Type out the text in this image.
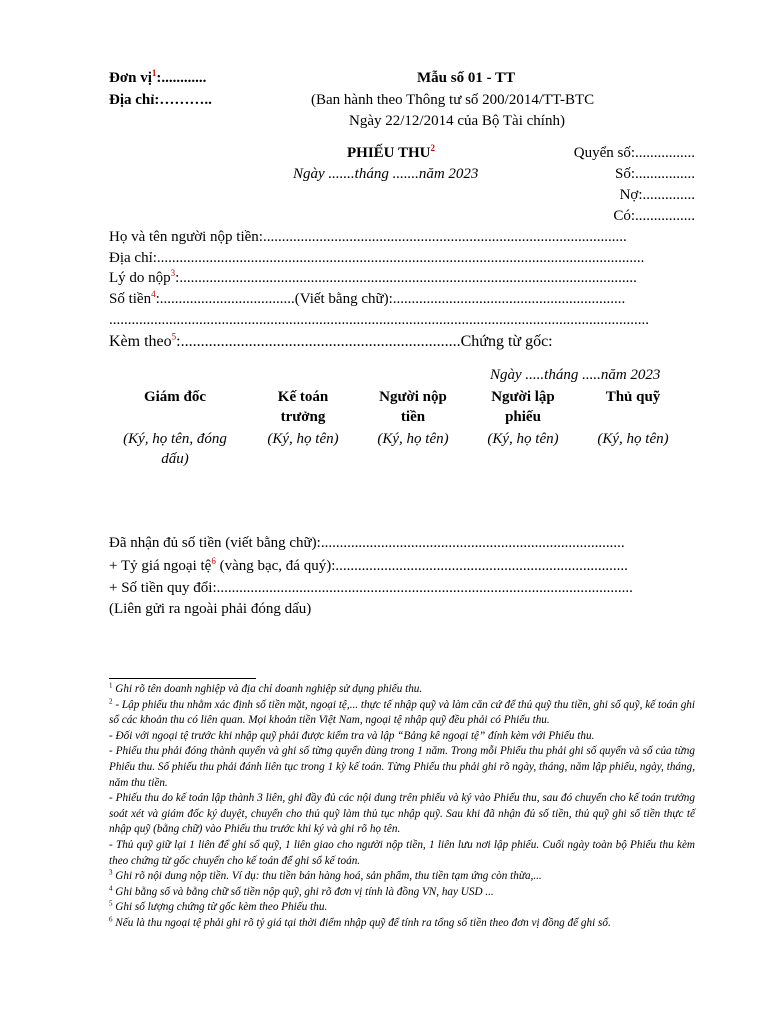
Đơn vị$^1$:............
Địa chỉ:………..
Mẫu số 01 - TT
(Ban hành theo Thông tư số 200/2014/TT-BTC
Ngày 22/12/2014 của Bộ Tài chính)
PHIẾU THU$^2$
Ngày .......tháng .......năm 2023
Quyển số:................
Số:................
Nợ:..............
Có:................
Họ và tên người nộp tiền:.................................................................................................
Địa chỉ:..................................................................................................................................
Lý do nộp$^3$:..........................................................................................................................
Số tiền$^4$:....................................(Viết bằng chữ):..............................................................
................................................................................................................................................
Kèm theo$^5$:......................................................................Chứng từ gốc:
Ngày .....tháng .....năm 2023
Giám đốc
(Ký, họ tên, đóng dấu)
Kế toán trưởng
(Ký, họ tên)
Người nộp tiền
(Ký, họ tên)
Người lập phiếu
(Ký, họ tên)
Thủ quỹ
(Ký, họ tên)
Đã nhận đủ số tiền (viết bằng chữ):.................................................................................
+ Tỷ giá ngoại tệ$^6$ (vàng bạc, đá quý):..............................................................................
+ Số tiền quy đổi:...............................................................................................................
(Liên gửi ra ngoài phải đóng dấu)
$^1$ Ghi rõ tên doanh nghiệp và địa chỉ doanh nghiệp sử dụng phiếu thu.
$^2$ - Lập phiếu thu nhằm xác định số tiền mặt, ngoại tệ,... thực tế nhập quỹ và làm căn cứ để thủ quỹ thu tiền, ghi sổ quỹ, kế toán ghi sổ các khoản thu có liên quan. Mọi khoản tiền Việt Nam, ngoại tệ nhập quỹ đều phải có Phiếu thu.
- Đối với ngoại tệ trước khi nhập quỹ phải được kiểm tra và lập “Bảng kê ngoại tệ” đính kèm với Phiếu thu.
- Phiếu thu phải đóng thành quyển và ghi số từng quyển dùng trong 1 năm. Trong mỗi Phiếu thu phải ghi số quyển và số của từng Phiếu thu. Số phiếu thu phải đánh liên tục trong 1 kỳ kế toán. Từng Phiếu thu phải ghi rõ ngày, tháng, năm lập phiếu, ngày, tháng, năm thu tiền.
- Phiếu thu do kế toán lập thành 3 liên, ghi đầy đủ các nội dung trên phiếu và ký vào Phiếu thu, sau đó chuyển cho kế toán trưởng soát xét và giám đốc ký duyệt, chuyển cho thủ quỹ làm thủ tục nhập quỹ. Sau khi đã nhận đủ số tiền, thủ quỹ ghi số tiền thực tế nhập quỹ (bằng chữ) vào Phiếu thu trước khi ký và ghi rõ họ tên.
- Thủ quỹ giữ lại 1 liên để ghi sổ quỹ, 1 liên giao cho người nộp tiền, 1 liên lưu nơi lập phiếu. Cuối ngày toàn bộ Phiếu thu kèm theo chứng từ gốc chuyển cho kế toán để ghi sổ kế toán.
$^3$ Ghi rõ nội dung nộp tiền. Ví dụ: thu tiền bán hàng hoá, sản phẩm, thu tiền tạm ứng còn thừa,...
$^4$ Ghi bằng số và bằng chữ số tiền nộp quỹ, ghi rõ đơn vị tính là đồng VN, hay USD ...
$^5$ Ghi số lượng chứng từ gốc kèm theo Phiếu thu.
$^6$ Nếu là thu ngoại tệ phải ghi rõ tỷ giá tại thời điểm nhập quỹ để tính ra tổng số tiền theo đơn vị đồng để ghi sổ.
